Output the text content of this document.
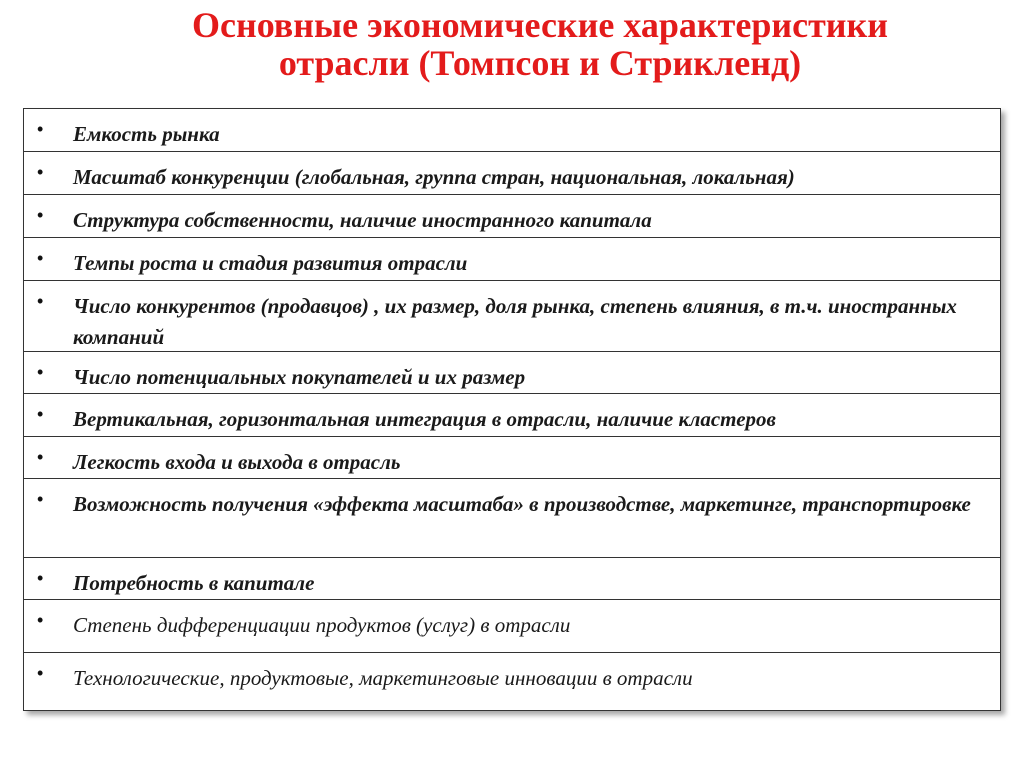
Основные экономические характеристики
отрасли (Томпсон и Стрикленд)
• Емкость рынка
• Масштаб конкуренции (глобальная, группа стран, национальная, локальная)
• Структура собственности, наличие иностранного капитала
• Темпы роста и стадия развития отрасли
• Число конкурентов (продавцов) , их размер, доля рынка, степень влияния, в т.ч. иностранных компаний
• Число потенциальных покупателей и их размер
• Вертикальная, горизонтальная интеграция в отрасли, наличие кластеров
• Легкость входа и выхода в отрасль
• Возможность получения «эффекта масштаба» в производстве, маркетинге, транспортировке
• Потребность в капитале
• Степень дифференциации продуктов (услуг) в отрасли
• Технологические, продуктовые, маркетинговые инновации в отрасли
